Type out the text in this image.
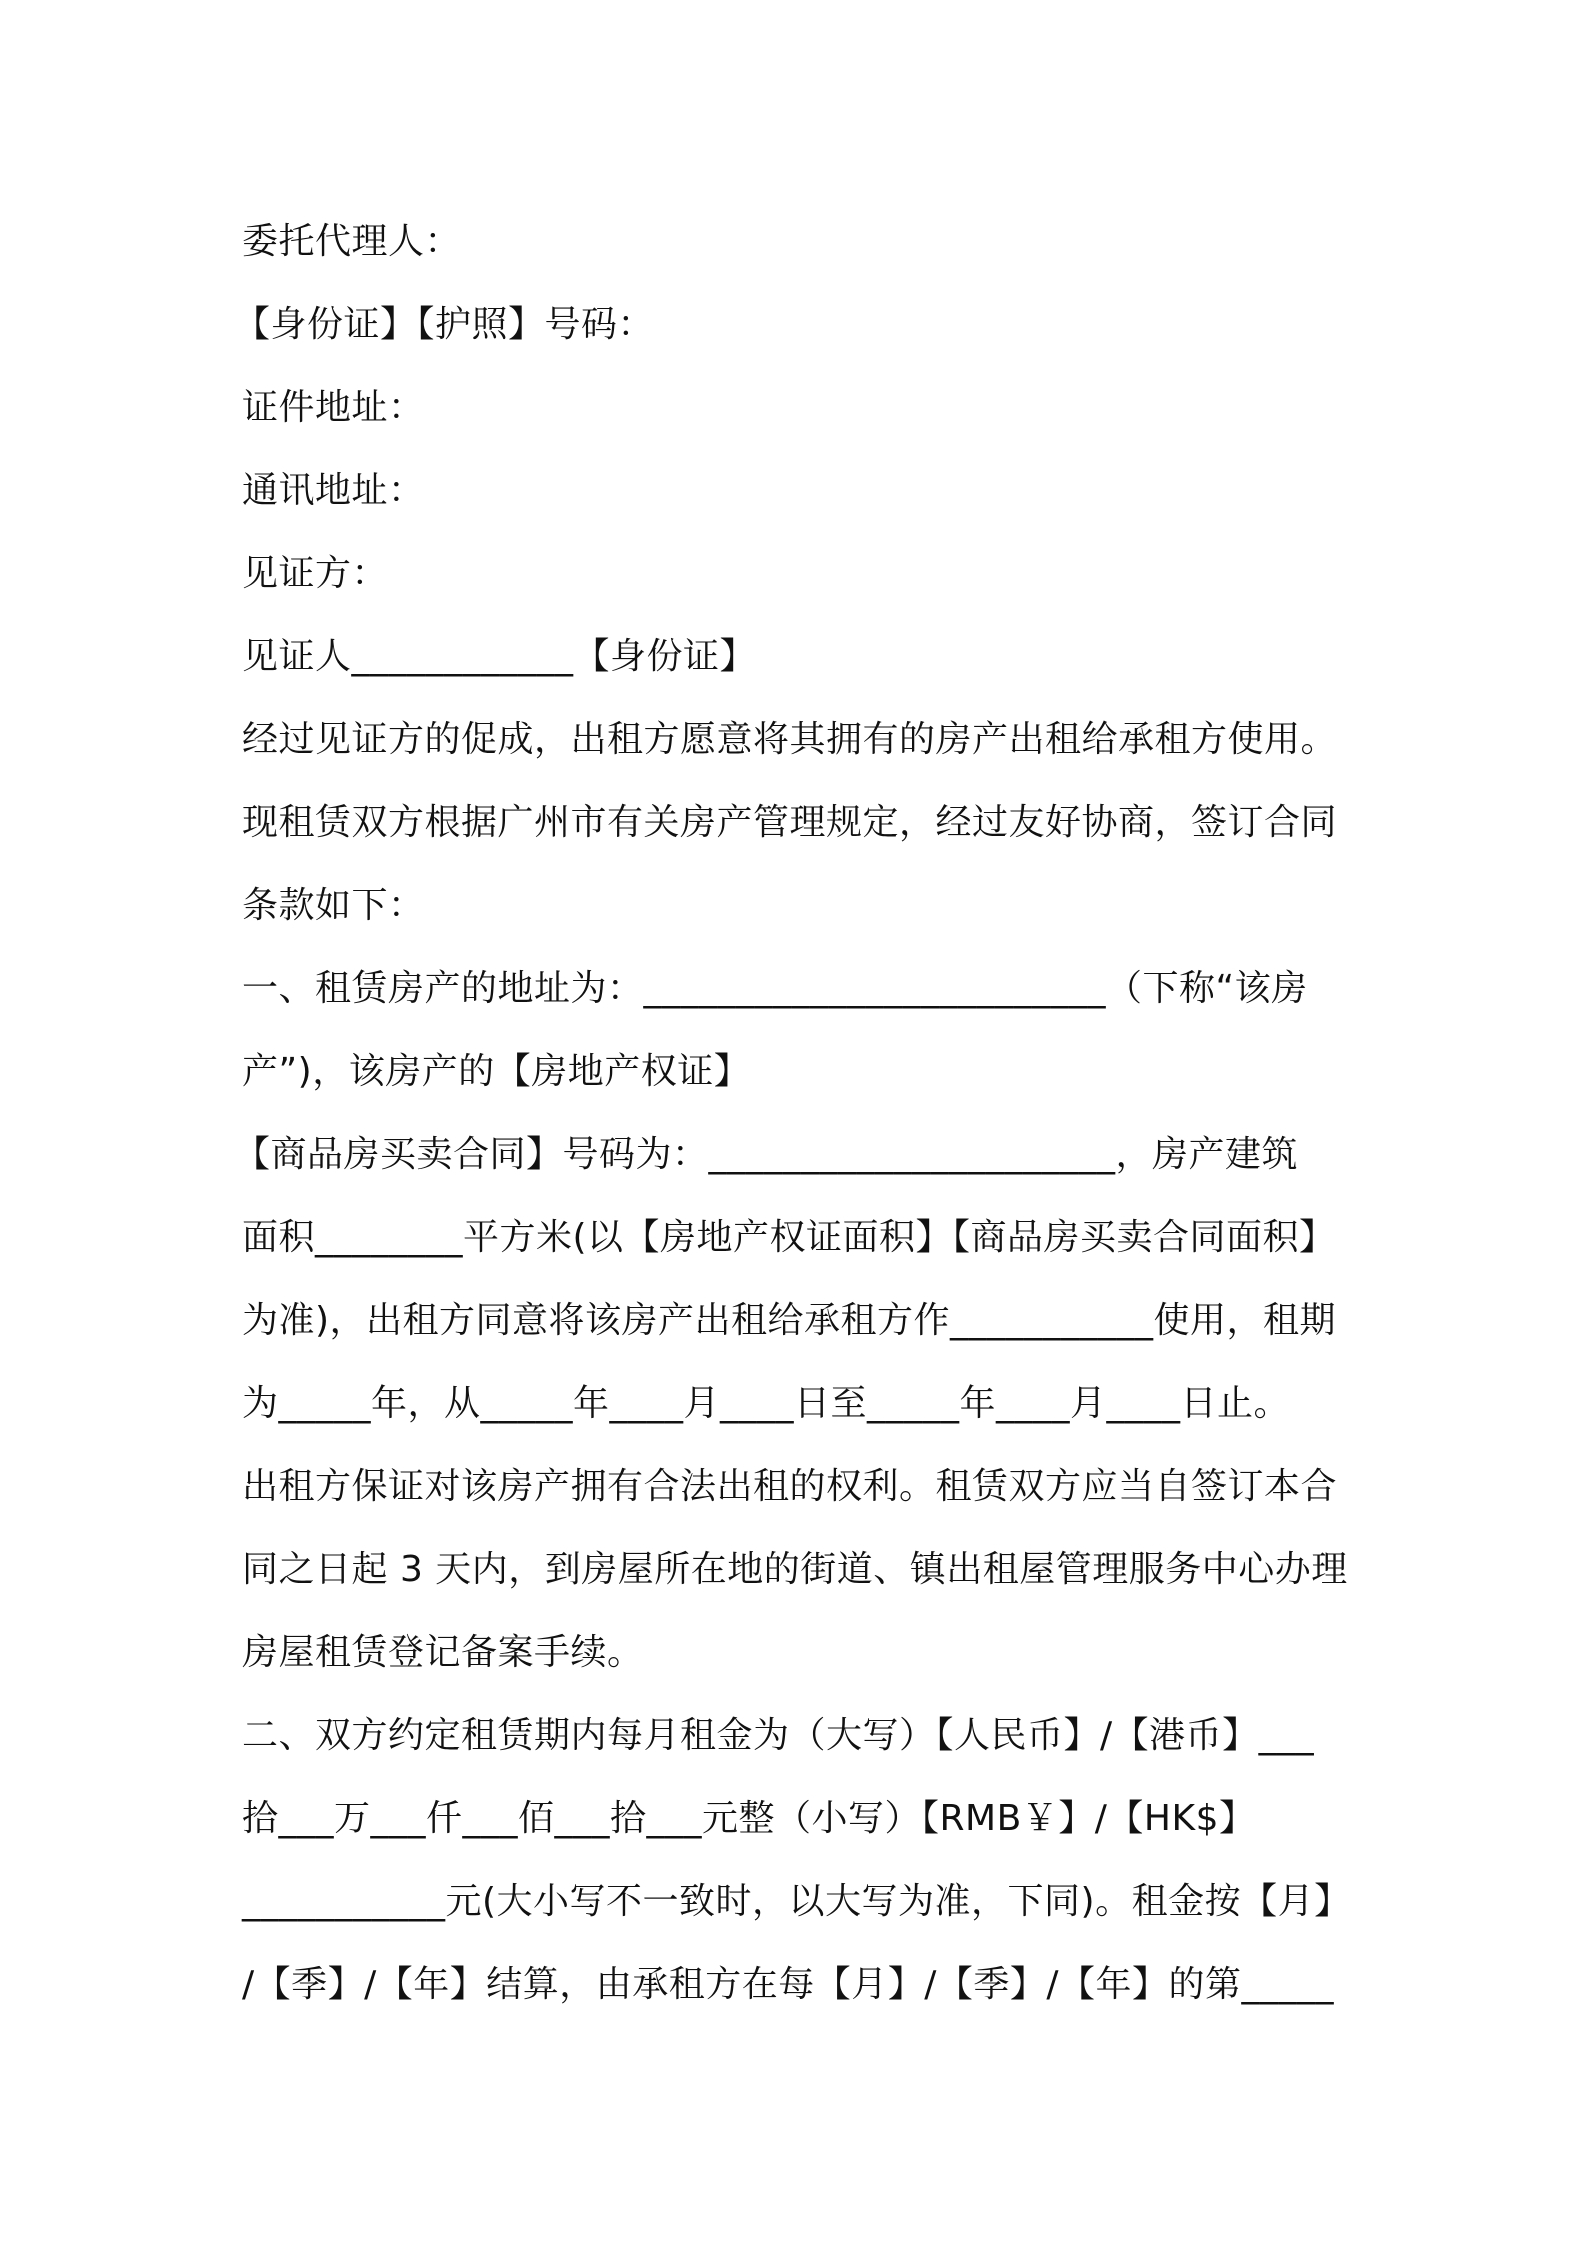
委托代理人：
【身份证】【护照】号码：
证件地址：
通讯地址：
见证方：
见证人____________【身份证】
经过见证方的促成，出租方愿意将其拥有的房产出租给承租方使用。
现租赁双方根据广州市有关房产管理规定，经过友好协商，签订合同
条款如下：
一、租赁房产的地址为：_________________________（下称“该房
产”)，该房产的【房地产权证】
【商品房买卖合同】号码为：______________________，房产建筑
面积________平方米(以【房地产权证面积】【商品房买卖合同面积】
为准)，出租方同意将该房产出租给承租方作___________使用，租期
为_____年，从_____年____月____日至_____年____月____日止。
出租方保证对该房产拥有合法出租的权利。租赁双方应当自签订本合
同之日起 3 天内，到房屋所在地的街道、镇出租屋管理服务中心办理
房屋租赁登记备案手续。
二、双方约定租赁期内每月租金为（大写）【人民币】/【港币】___
拾___万___仟___佰___拾___元整（小写）【RMB￥】/【HK$】
___________元(大小写不一致时，以大写为准，下同)。租金按【月】
/【季】/【年】结算，由承租方在每【月】/【季】/【年】的第_____
